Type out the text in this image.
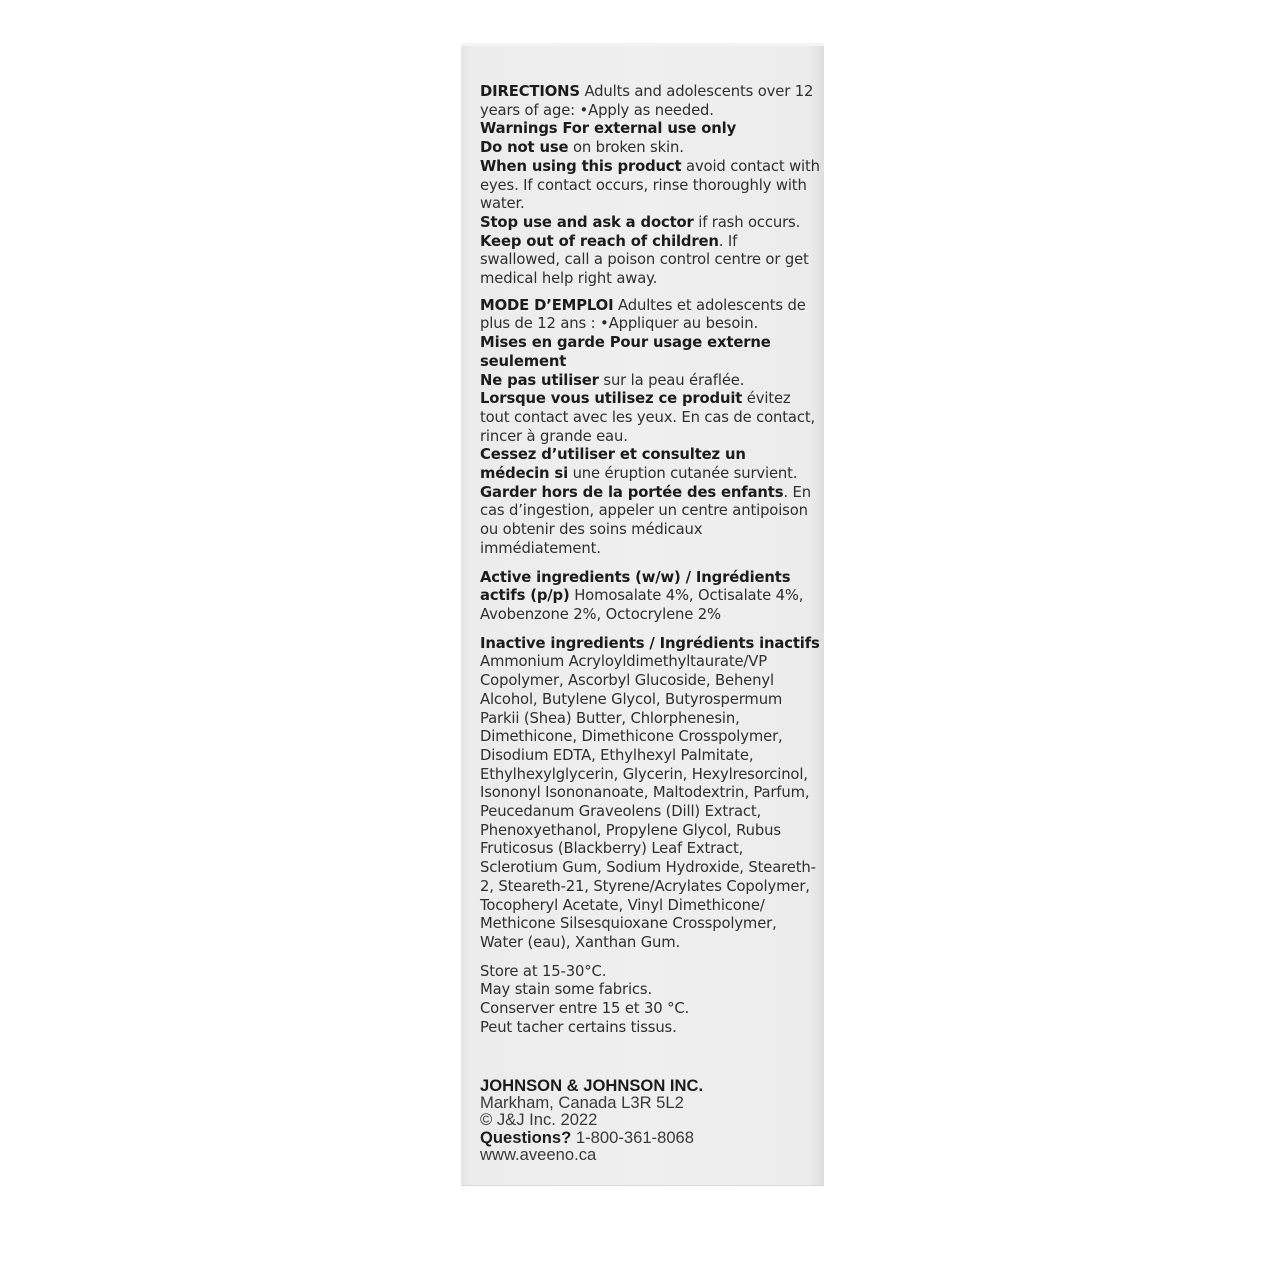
DIRECTIONS Adults and adolescents over 12 years of age: •Apply as needed.

Warnings For external use only

Do not use on broken skin.

When using this product avoid contact with eyes. If contact occurs, rinse thoroughly with water.

Stop use and ask a doctor if rash occurs.

Keep out of reach of children. If swallowed, call a poison control centre or get medical help right away.

MODE D’EMPLOI Adultes et adolescents de plus de 12 ans : •Appliquer au besoin.

Mises en garde Pour usage externe seulement

Ne pas utiliser sur la peau éraflée.

Lorsque vous utilisez ce produit évitez tout contact avec les yeux. En cas de contact, rincer à grande eau.

Cessez d’utiliser et consultez un médecin si une éruption cutanée survient.

Garder hors de la portée des enfants. En cas d’ingestion, appeler un centre antipoison ou obtenir des soins médicaux immédiatement.

Active ingredients (w/w) / Ingrédients actifs (p/p) Homosalate 4%, Octisalate 4%, Avobenzone 2%, Octocrylene 2%

Inactive ingredients / Ingrédients inactifs Ammonium Acryloyldimethyltaurate/VP Copolymer, Ascorbyl Glucoside, Behenyl Alcohol, Butylene Glycol, Butyrospermum Parkii (Shea) Butter, Chlorphenesin, Dimethicone, Dimethicone Crosspolymer, Disodium EDTA, Ethylhexyl Palmitate, Ethylhexylglycerin, Glycerin, Hexylresorcinol, Isononyl Isononanoate, Maltodextrin, Parfum, Peucedanum Graveolens (Dill) Extract, Phenoxyethanol, Propylene Glycol, Rubus Fruticosus (Blackberry) Leaf Extract, Sclerotium Gum, Sodium Hydroxide, Steareth-2, Steareth-21, Styrene/Acrylates Copolymer, Tocopheryl Acetate, Vinyl Dimethicone/ Methicone Silsesquioxane Crosspolymer, Water (eau), Xanthan Gum.

Store at 15-30°C.

May stain some fabrics.

Conserver entre 15 et 30 °C.

Peut tacher certains tissus.

JOHNSON & JOHNSON INC.

Markham, Canada L3R 5L2

© J&J Inc. 2022

Questions? 1-800-361-8068

www.aveeno.ca
